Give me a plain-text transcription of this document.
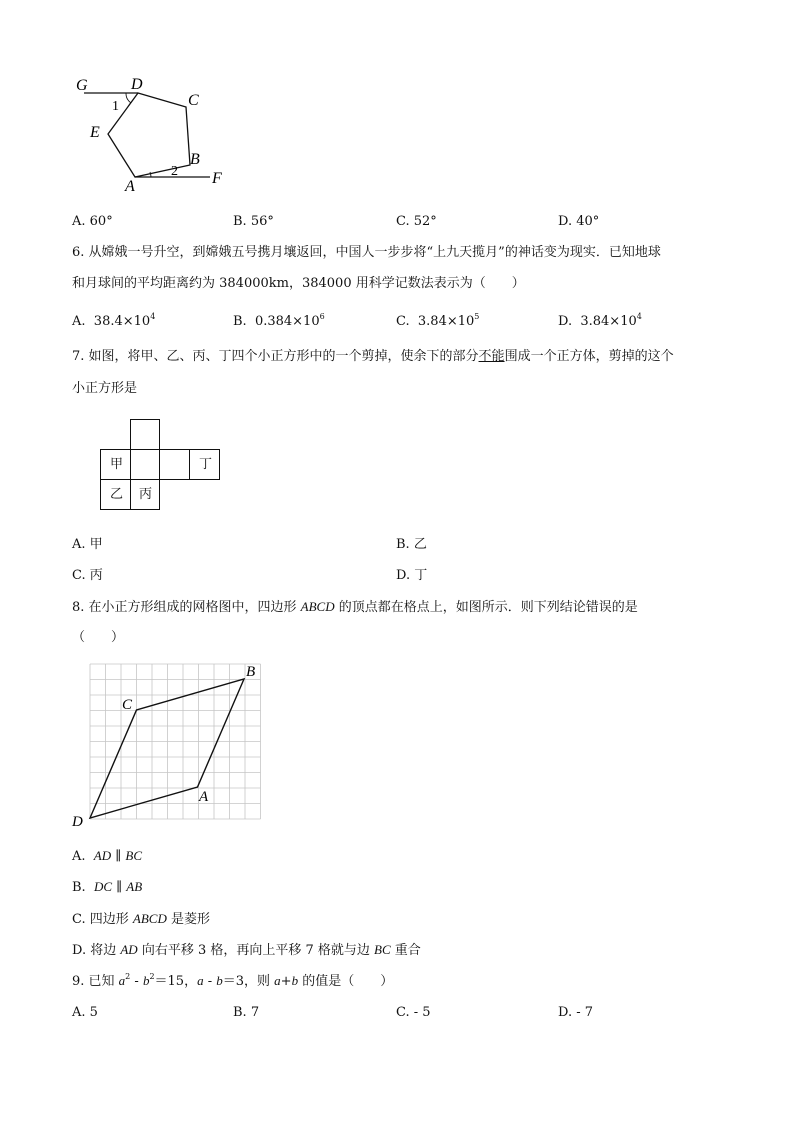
G	D
C
E
B
A	F
1
2
A. 60°	B. 56°	C. 52°	D. 40°
6. 从嫦娥一号升空，到嫦娥五号携月壤返回，中国人一步步将“上九天揽月”的神话变为现实．已知地球
和月球间的平均距离约为 384000km，384000 用科学记数法表示为（　　）
A. $38.4\times 10^4$	B. $0.384\times 10^6$	C. $3.84\times 10^5$	D. $3.84\times 10^4$
7. 如图，将甲、乙、丙、丁四个小正方形中的一个剪掉，使余下的部分不能围成一个正方体，剪掉的这个
小正方形是
甲	丁
乙	丙
A. 甲	B. 乙
C. 丙	D. 丁
8. 在小正方形组成的网格图中，四边形 ABCD 的顶点都在格点上，如图所示．则下列结论错误的是
（　　）
B
C
A
D
A. AD ∥ BC
B. DC ∥ AB
C. 四边形 ABCD 是菱形
D. 将边 AD 向右平移 3 格，再向上平移 7 格就与边 BC 重合
9. 已知 $a^2 - b^2=15$，a - b＝3，则 a+b 的值是（　　）
A. 5	B. 7	C. - 5	D. - 7
